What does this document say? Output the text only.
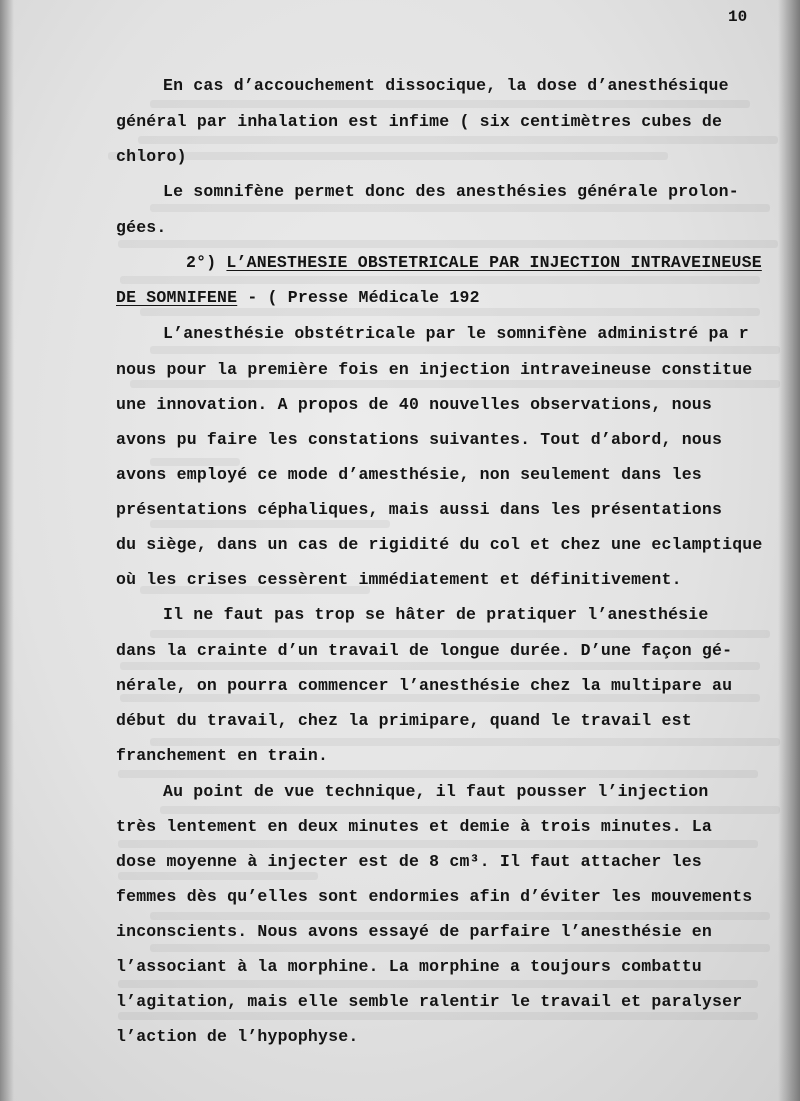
10
En cas d’accouchement dissocique, la dose d’anesthésique
général par inhalation est infime ( six centimètres cubes de
chloro)
Le somnifène permet donc des anesthésies générale prolon-
gées.
2°) L’ANESTHESIE OBSTETRICALE PAR INJECTION INTRAVEINEUSE
DE SOMNIFENE - ( Presse Médicale 192
L’anesthésie obstétricale par le somnifène administré pa r
nous pour la première fois en injection intraveineuse constitue
une innovation. A propos de 40 nouvelles observations, nous
avons pu faire les constations suivantes. Tout d’abord, nous
avons employé ce mode d’amesthésie, non seulement dans les
présentations céphaliques, mais aussi dans les présentations
du siège, dans un cas de rigidité du col et chez une eclamptique
où les crises cessèrent immédiatement et définitivement.
Il ne faut pas trop se hâter de pratiquer l’anesthésie
dans la crainte d’un travail de longue durée. D’une façon gé-
nérale, on pourra commencer l’anesthésie chez la multipare au
début du travail, chez la primipare, quand le travail est
franchement en train.
Au point de vue technique, il faut pousser l’injection
très lentement en deux minutes et demie à trois minutes. La
dose moyenne à injecter est de 8 cm³. Il faut attacher les
femmes dès qu’elles sont endormies afin d’éviter les mouvements
inconscients. Nous avons essayé de parfaire l’anesthésie en
l’associant à la morphine. La morphine a toujours combattu
l’agitation, mais elle semble ralentir le travail et paralyser
l’action de l’hypophyse.
